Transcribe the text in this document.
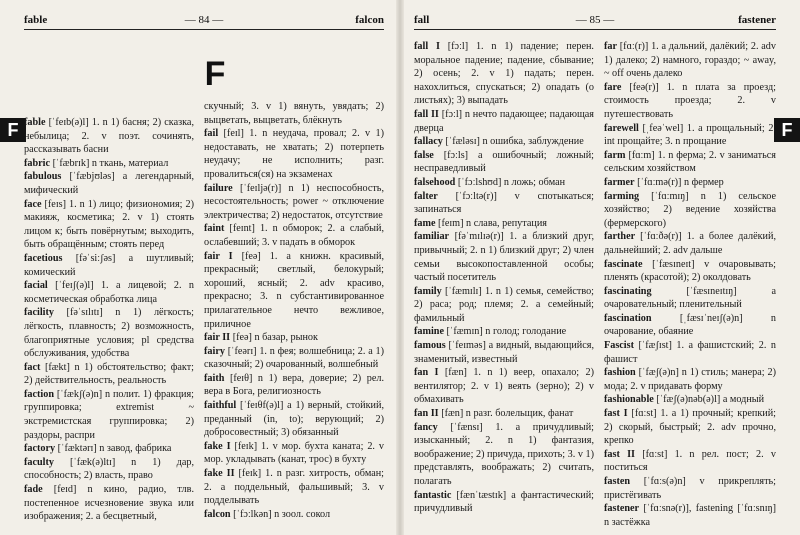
fable	— 84 —	falcon
F
F fable [ˈfeɪb(ə)l] 1. n 1) басня; 2) сказка, небылица; 2. v поэт. сочинять, рассказывать басни

fabric [ˈfæbrɪk] n ткань, материал

fabulous [ˈfæbjʊləs] a легендарный, мифический

face [feɪs] 1. n 1) лицо; физиономия; 2) макияж, косметика; 2. v 1) стоять лицом к; быть повёрнутым; выходить, быть обращённым; стоять перед

facetious [fəˈsiːʃəs] a шутливый; комический

facial [ˈfeɪʃ(ə)l] 1. a лицевой; 2. n косметическая обработка лица

facility [fəˈsɪlɪtɪ] n 1) лёгкость; лёгкость, плавность; 2) возможность, благоприятные условия; pl средства обслуживания, удобства

fact [fækt] n 1) обстоятельство; факт; 2) действительность, реальность

faction [ˈfækʃ(ə)n] n полит. 1) фракция; группировка; extremist ~ экстремистская группировка; 2) раздоры, распри

factory [ˈfæktərɪ] n завод, фабрика

faculty [ˈfæk(ə)ltɪ] n 1) дар, способность; 2) власть, право

fade [feɪd] n кино, радио, тлв. постепенное исчезновение звука или изображения; 2. a бесцветный,

скучный; 3. v 1) вянуть, увядать; 2) выцветать, выцветать, блёкнуть

fail [feɪl] 1. n неудача, провал; 2. v 1) недоставать, не хватать; 2) потерпеть неудачу; не исполнить; разг. провалиться(ся) на экзаменах

failure [ˈfeɪljə(r)] n 1) неспособность, несостоятельность; power ~ отключение электричества; 2) недостаток, отсутствие

faint [feɪnt] 1. n обморок; 2. a слабый, ослабевший; 3. v падать в обморок

fair I [feə] 1. a книжн. красивый, прекрасный; светлый, белокурый; хороший, ясный; 2. adv красиво, прекрасно; 3. n субстантивированное прилагательное нечто вежливое, приличное

fair II [feə] n базар, рынок

fairy [ˈfeərɪ] 1. n фея; волшебница; 2. a 1) сказочный; 2) очарованный, волшебный

faith [feɪθ] n 1) вера, доверие; 2) рел. вера в Бога, религиозность

faithful [ˈfeɪθf(ə)l] a 1) верный, стойкий, преданный (in, to); верующий; 2) добросовестный; 3) обязанный

fake I [feɪk] 1. v мор. бухта каната; 2. v мор. укладывать (канат, трос) в бухту

fake II [feɪk] 1. n разг. хитрость, обман; 2. a поддельный, фальшивый; 3. v подделывать

falcon [ˈfɔːlkən] n зоол. сокол

fall	— 85 —	fastener
F

fall I [fɔːl] 1. n 1) падение; перен. моральное падение; падение, сбывание; 2) осень; 2. v 1) падать; перен. нахохлиться, спускаться; 2) опадать (о листьях); 3) выпадать

fall II [fɔːl] n нечто падающее; падающая дверца

fallacy [ˈfæləsɪ] n ошибка, заблуждение

false [fɔːls] a ошибочный; ложный; несправедливый

falsehood [ˈfɔːlshʊd] n ложь; обман

falter [ˈfɔːltə(r)] v спотыкаться; запинаться

fame [feɪm] n слава, репутация

familiar [fəˈmɪlɪə(r)] 1. a близкий друг, привычный; 2. n 1) близкий друг; 2) член семьи высокопоставленной особы; частый посетитель

family [ˈfæmɪlɪ] 1. n 1) семья, семейство; 2) раса; род; племя; 2. a семейный; фамильный

famine [ˈfæmɪn] n голод; голодание

famous [ˈfeɪməs] a видный, выдающийся, знаменитый, известный

fan I [fæn] 1. n 1) веер, опахало; 2) вентилятор; 2. v 1) веять (зерно); 2) v обмахивать

fan II [fæn] n разг. болельщик, фанат

fancy [ˈfænsɪ] 1. a причудливый; изысканный; 2. n 1) фантазия, воображение; 2) причуда, прихоть; 3. v 1) представлять, воображать; 2) считать, полагать

fantastic [fænˈtæstɪk] a фантастический; причудливый

far [fɑː(r)] 1. a дальний, далёкий; 2. adv 1) далеко; 2) намного, гораздо; ~ away, ~ off очень далеко

fare [feə(r)] 1. n плата за проезд; стоимость проезда; 2. v путешествовать

farewell [ˌfeəˈwel] 1. a прощальный; 2. int прощайте; 3. n прощание

farm [fɑːm] 1. n ферма; 2. v заниматься сельским хозяйством

farmer [ˈfɑːmə(r)] n фермер

farming [ˈfɑːmɪŋ] n 1) сельское хозяйство; 2) ведение хозяйства (фермерского)

farther [ˈfɑːðə(r)] 1. a более далёкий, дальнейший; 2. adv дальше

fascinate [ˈfæsɪneɪt] v очаровывать; пленять (красотой); 2) околдовать

fascinating [ˈfæsɪneɪtɪŋ] a очаровательный; пленительный

fascination [ˌfæsɪˈneɪʃ(ə)n] n очарование, обаяние

Fascist [ˈfæʃɪst] 1. a фашистский; 2. n фашист

fashion [ˈfæʃ(ə)n] n 1) стиль; манера; 2) мода; 2. v придавать форму

fashionable [ˈfæʃ(ə)nəb(ə)l] a модный

fast I [fɑːst] 1. a 1) прочный; крепкий; 2) скорый, быстрый; 2. adv прочно, крепко

fast II [fɑːst] 1. n рел. пост; 2. v поститься

fasten [ˈfɑːs(ə)n] v прикреплять; пристёгивать

fastener [ˈfɑːsnə(r)], fastening [ˈfɑːsnɪŋ] n застёжка
